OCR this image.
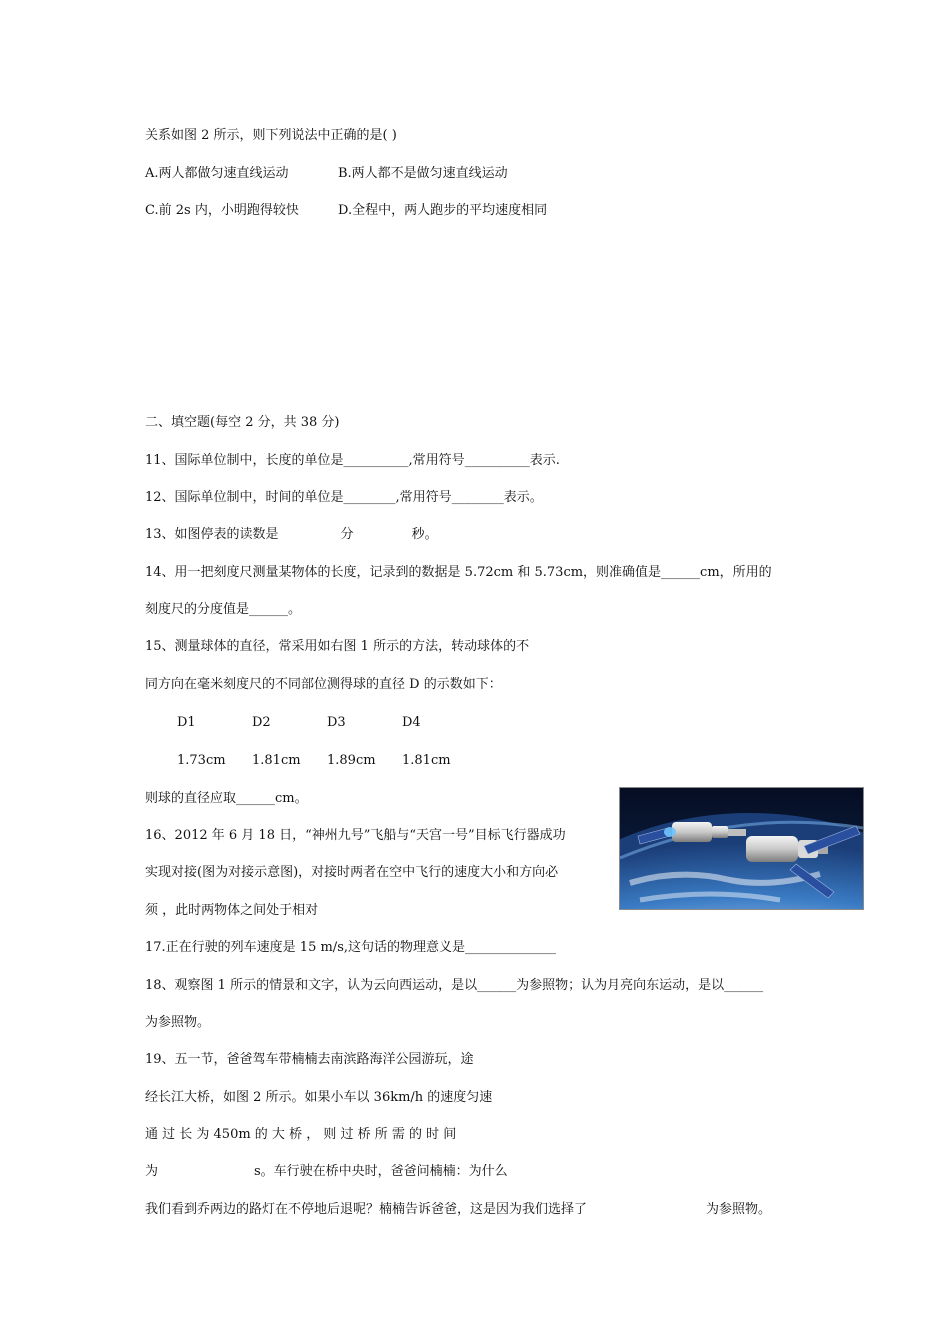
关系如图 2 所示，则下列说法中正确的是( )
A.两人都做匀速直线运动	B.两人都不是做匀速直线运动
C.前 2s 内，小明跑得较快	D.全程中，两人跑步的平均速度相同
二、填空题(每空 2 分，共 38 分)
11、国际单位制中，长度的单位是__________,常用符号__________表示.
12、国际单位制中，时间的单位是________,常用符号________表示。
13、如图停表的读数是	分	秒。
14、用一把刻度尺测量某物体的长度，记录到的数据是 5.72cm 和 5.73cm，则准确值是______cm，所用的
刻度尺的分度值是______。
15、测量球体的直径，常采用如右图 1 所示的方法，转动球体的不
同方向在毫米刻度尺的不同部位测得球的直径 D 的示数如下：
D1	D2	D3	D4
1.73cm 1.81cm 1.89cm 1.81cm
则球的直径应取______cm。
16、2012 年 6 月 18 日，“神州九号”飞船与“天宫一号”目标飞行器成功
实现对接(图为对接示意图)，对接时两者在空中飞行的速度大小和方向必
须 ，此时两物体之间处于相对
17.正在行驶的列车速度是 15 m/s,这句话的物理意义是______________
18、观察图 1 所示的情景和文字，认为云向西运动，是以______为参照物；认为月亮向东运动，是以______
为参照物。
19、五一节，爸爸驾车带楠楠去南滨路海洋公园游玩，途
经长江大桥，如图 2 所示。如果小车以 36km/h 的速度匀速
通 过 长 为 450m 的 大 桥 ， 则 过 桥 所 需 的 时 间
为	s。车行驶在桥中央时，爸爸问楠楠：为什么
我们看到乔两边的路灯在不停地后退呢？楠楠告诉爸爸，这是因为我们选择了	为参照物。
